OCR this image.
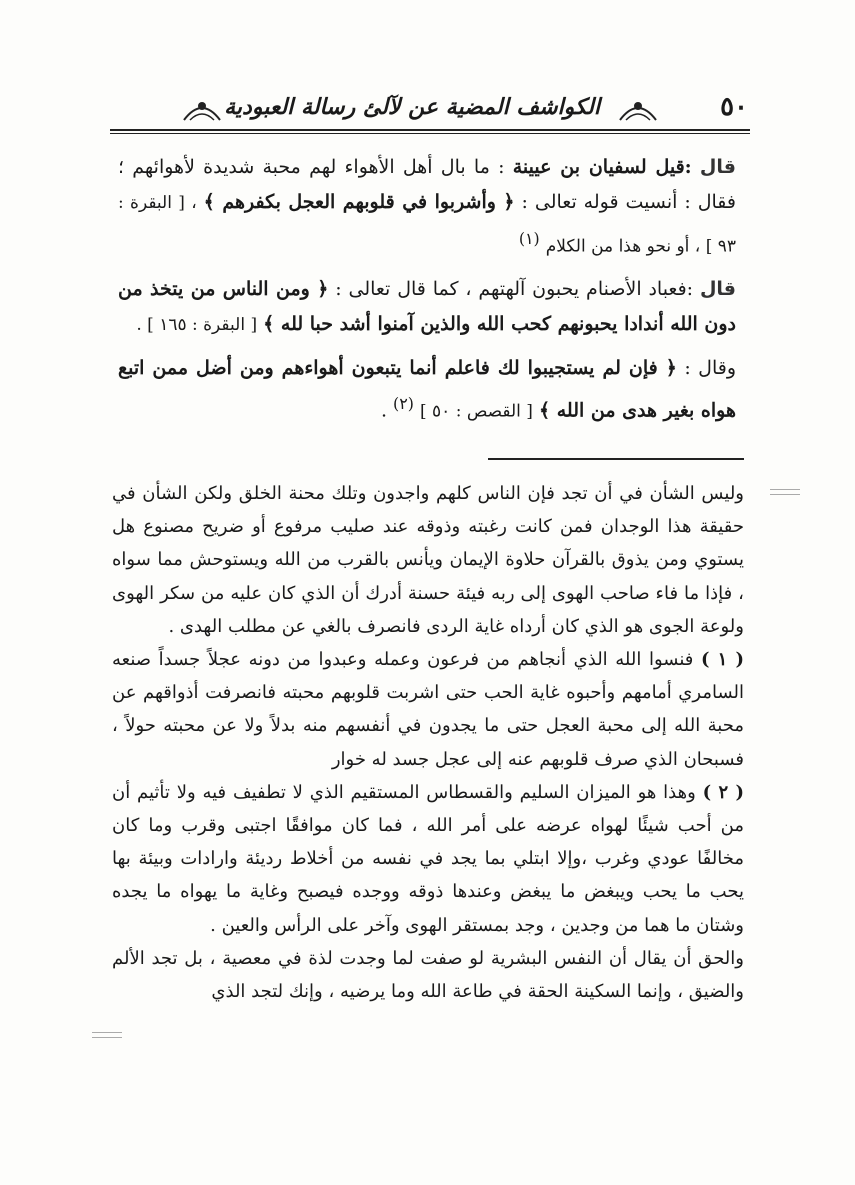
٥٠
الكواشف المضية عن لآلئ رسالة العبودية

قال :قيل لسفيان بن عيينة : ما بال أهل الأهواء لهم محبة شديدة لأهوائهم ؛ فقال : أنسيت قوله تعالى : ﴿ وأشربوا في قلوبهم العجل بكفرهم ﴾ ، [ البقرة : ٩٣ ] ، أو نحو هذا من الكلام $^{(١)}$

قال :فعباد الأصنام يحبون آلهتهم ، كما قال تعالى : ﴿ ومن الناس من يتخذ من دون الله أندادا يحبونهم كحب الله والذين آمنوا أشد حبا لله ﴾ [ البقرة : ١٦٥ ] .

وقال : ﴿ فإن لم يستجيبوا لك فاعلم أنما يتبعون أهواءهم ومن أضل ممن اتبع هواه بغير هدى من الله ﴾ [ القصص : ٥٠ ] $^{(٢)}$ .

وليس الشأن في أن تجد فإن الناس كلهم واجدون وتلك محنة الخلق ولكن الشأن في حقيقة هذا الوجدان فمن كانت رغبته وذوقه عند صليب مرفوع أو ضريح مصنوع هل يستوي ومن يذوق بالقرآن حلاوة الإيمان ويأنس بالقرب من الله ويستوحش مما سواه ، فإذا ما فاء صاحب الهوى إلى ربه فيئة حسنة أدرك أن الذي كان عليه من سكر الهوى ولوعة الجوى هو الذي كان أرداه غاية الردى فانصرف بالغي عن مطلب الهدى .

( ١ ) فنسوا الله الذي أنجاهم من فرعون وعمله وعبدوا من دونه عجلاً جسداً صنعه السامري أمامهم وأحبوه غاية الحب حتى اشربت قلوبهم محبته فانصرفت أذواقهم عن محبة الله إلى محبة العجل حتى ما يجدون في أنفسهم منه بدلاً ولا عن محبته حولاً ، فسبحان الذي صرف قلوبهم عنه إلى عجل جسد له خوار

( ٢ ) وهذا هو الميزان السليم والقسطاس المستقيم الذي لا تطفيف فيه ولا تأثيم أن من أحب شيئًا لهواه عرضه على أمر الله ، فما كان موافقًا اجتبى وقرب وما كان مخالفًا عودي وغرب ،وإلا ابتلي بما يجد في نفسه من أخلاط رديئة وارادات وبيئة بها يحب ما يحب ويبغض ما يبغض وعندها ذوقه ووجده فيصبح وغاية ما يهواه ما يجده وشتان ما هما من وجدين ، وجد بمستقر الهوى وآخر على الرأس والعين .

والحق أن يقال أن النفس البشرية لو صفت لما وجدت لذة في معصية ، بل تجد الألم والضيق ، وإنما السكينة الحقة في طاعة الله وما يرضيه ، وإنك لتجد الذي
